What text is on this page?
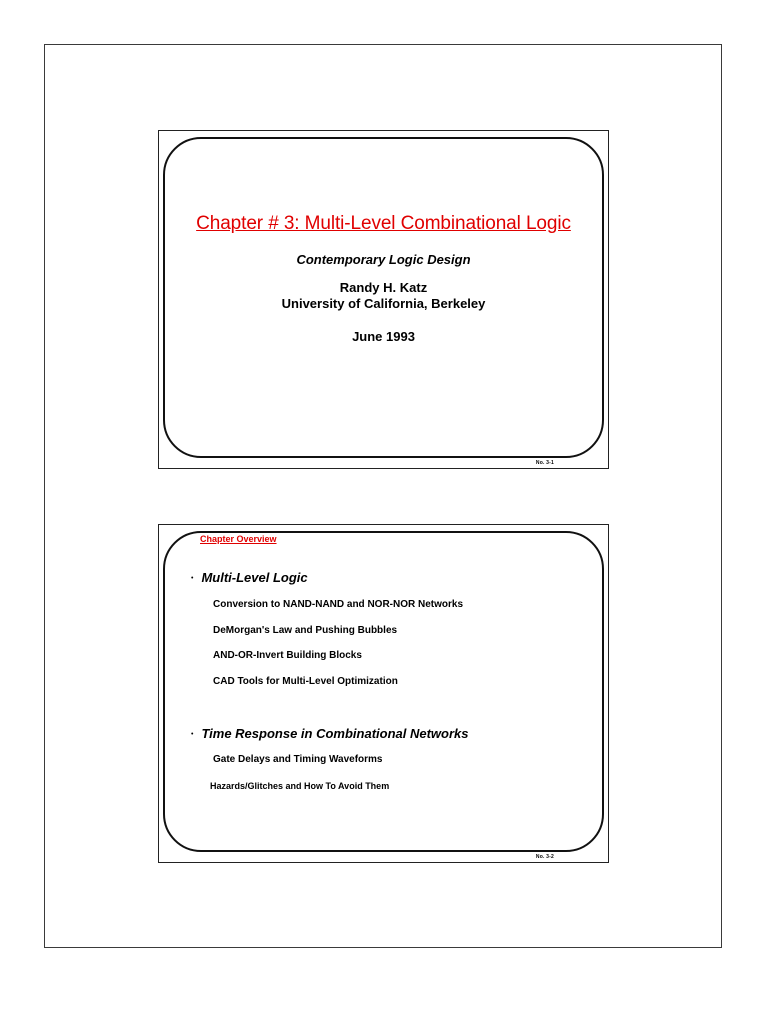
Chapter # 3: Multi-Level Combinational Logic
Contemporary Logic Design
Randy H. Katz
University of California, Berkeley
June 1993
No. 3-1
Chapter Overview
• Multi-Level Logic
Conversion to NAND-NAND and NOR-NOR Networks
DeMorgan's Law and Pushing Bubbles
AND-OR-Invert Building Blocks
CAD Tools for Multi-Level Optimization
• Time Response in Combinational Networks
Gate Delays and Timing Waveforms
Hazards/Glitches and How To Avoid Them
No. 3-2
